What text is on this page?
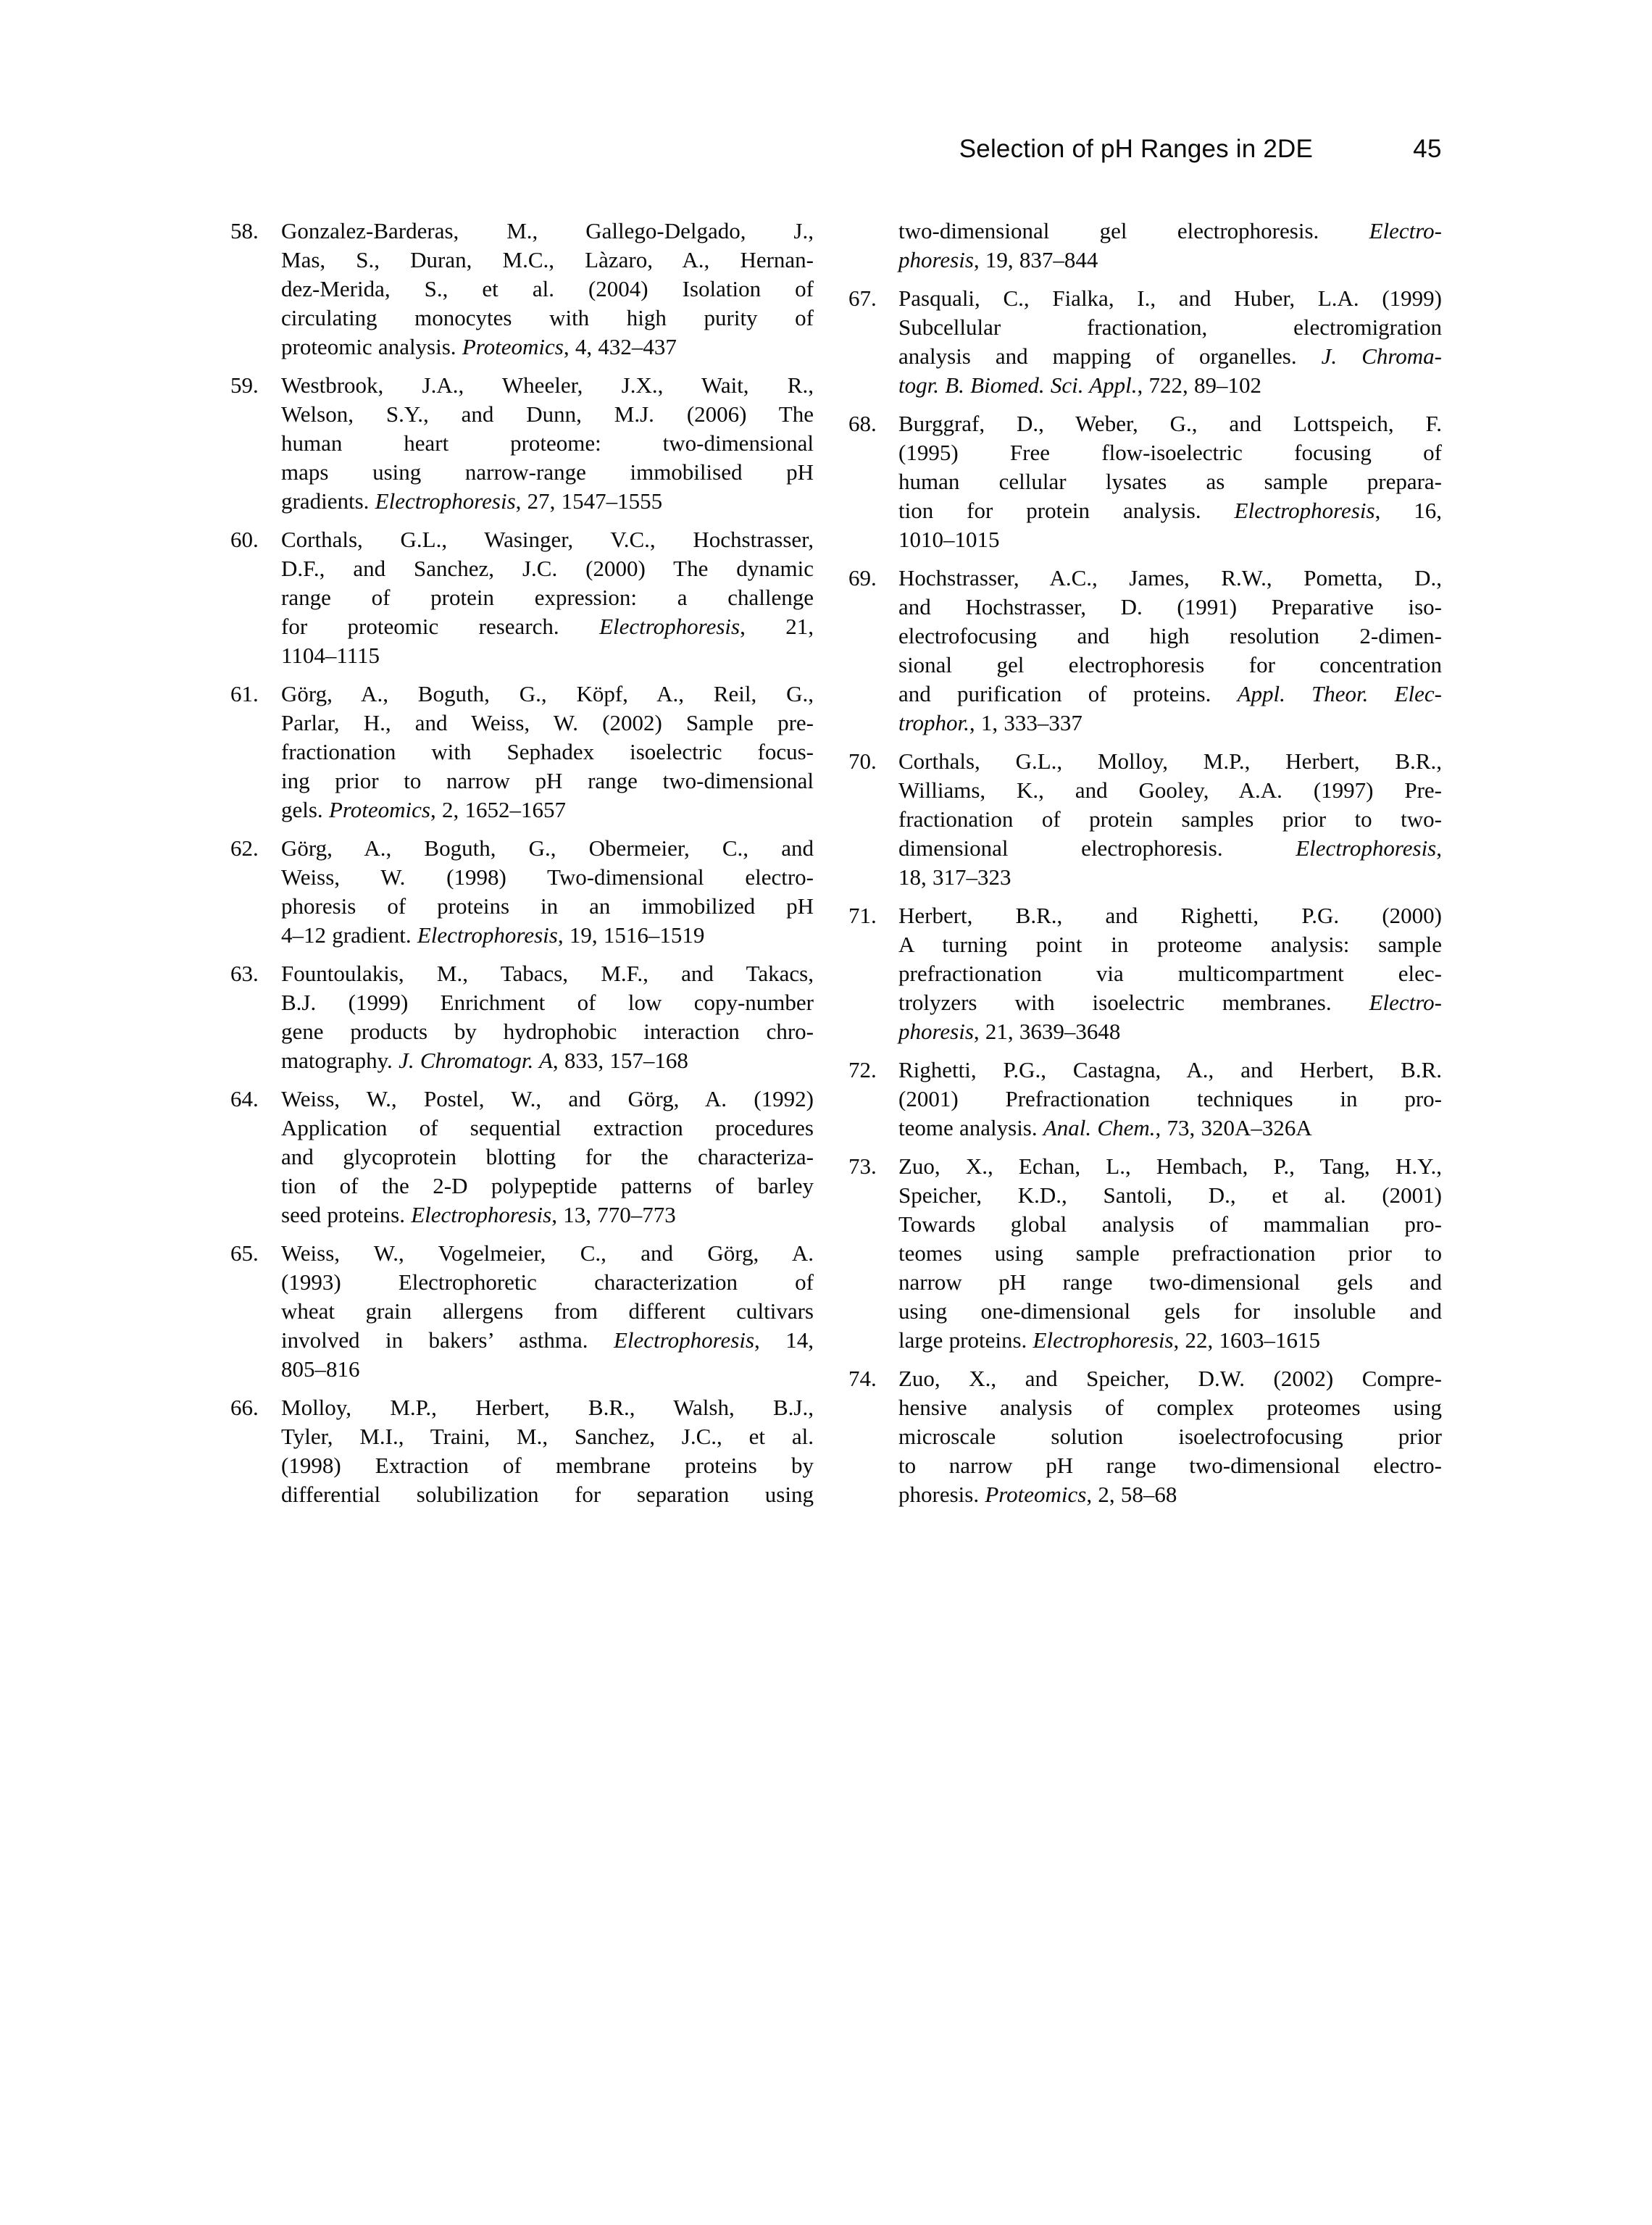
Selection of pH Ranges in 2DE	45
58. Gonzalez-Barderas, M., Gallego-Delgado, J.,
Mas, S., Duran, M.C., Làzaro, A., Hernan-
dez-Merida, S., et al. (2004) Isolation of
circulating monocytes with high purity of
proteomic analysis. Proteomics, 4, 432–437
59. Westbrook, J.A., Wheeler, J.X., Wait, R.,
Welson, S.Y., and Dunn, M.J. (2006) The
human heart proteome: two-dimensional
maps using narrow-range immobilised pH
gradients. Electrophoresis, 27, 1547–1555
60. Corthals, G.L., Wasinger, V.C., Hochstrasser,
D.F., and Sanchez, J.C. (2000) The dynamic
range of protein expression: a challenge
for proteomic research. Electrophoresis, 21,
1104–1115
61. Görg, A., Boguth, G., Köpf, A., Reil, G.,
Parlar, H., and Weiss, W. (2002) Sample pre-
fractionation with Sephadex isoelectric focus-
ing prior to narrow pH range two-dimensional
gels. Proteomics, 2, 1652–1657
62. Görg, A., Boguth, G., Obermeier, C., and
Weiss, W. (1998) Two-dimensional electro-
phoresis of proteins in an immobilized pH
4–12 gradient. Electrophoresis, 19, 1516–1519
63. Fountoulakis, M., Tabacs, M.F., and Takacs,
B.J. (1999) Enrichment of low copy-number
gene products by hydrophobic interaction chro-
matography. J. Chromatogr. A, 833, 157–168
64. Weiss, W., Postel, W., and Görg, A. (1992)
Application of sequential extraction procedures
and glycoprotein blotting for the characteriza-
tion of the 2-D polypeptide patterns of barley
seed proteins. Electrophoresis, 13, 770–773
65. Weiss, W., Vogelmeier, C., and Görg, A.
(1993) Electrophoretic characterization of
wheat grain allergens from different cultivars
involved in bakers’ asthma. Electrophoresis, 14,
805–816
66. Molloy, M.P., Herbert, B.R., Walsh, B.J.,
Tyler, M.I., Traini, M., Sanchez, J.C., et al.
(1998) Extraction of membrane proteins by
differential solubilization for separation using
two-dimensional gel electrophoresis. Electro-
phoresis, 19, 837–844
67. Pasquali, C., Fialka, I., and Huber, L.A. (1999)
Subcellular fractionation, electromigration
analysis and mapping of organelles. J. Chroma-
togr. B. Biomed. Sci. Appl., 722, 89–102
68. Burggraf, D., Weber, G., and Lottspeich, F.
(1995) Free flow-isoelectric focusing of
human cellular lysates as sample prepara-
tion for protein analysis. Electrophoresis, 16,
1010–1015
69. Hochstrasser, A.C., James, R.W., Pometta, D.,
and Hochstrasser, D. (1991) Preparative iso-
electrofocusing and high resolution 2-dimen-
sional gel electrophoresis for concentration
and purification of proteins. Appl. Theor. Elec-
trophor., 1, 333–337
70. Corthals, G.L., Molloy, M.P., Herbert, B.R.,
Williams, K., and Gooley, A.A. (1997) Pre-
fractionation of protein samples prior to two-
dimensional electrophoresis. Electrophoresis,
18, 317–323
71. Herbert, B.R., and Righetti, P.G. (2000)
A turning point in proteome analysis: sample
prefractionation via multicompartment elec-
trolyzers with isoelectric membranes. Electro-
phoresis, 21, 3639–3648
72. Righetti, P.G., Castagna, A., and Herbert, B.R.
(2001) Prefractionation techniques in pro-
teome analysis. Anal. Chem., 73, 320A–326A
73. Zuo, X., Echan, L., Hembach, P., Tang, H.Y.,
Speicher, K.D., Santoli, D., et al. (2001)
Towards global analysis of mammalian pro-
teomes using sample prefractionation prior to
narrow pH range two-dimensional gels and
using one-dimensional gels for insoluble and
large proteins. Electrophoresis, 22, 1603–1615
74. Zuo, X., and Speicher, D.W. (2002) Compre-
hensive analysis of complex proteomes using
microscale solution isoelectrofocusing prior
to narrow pH range two-dimensional electro-
phoresis. Proteomics, 2, 58–68
